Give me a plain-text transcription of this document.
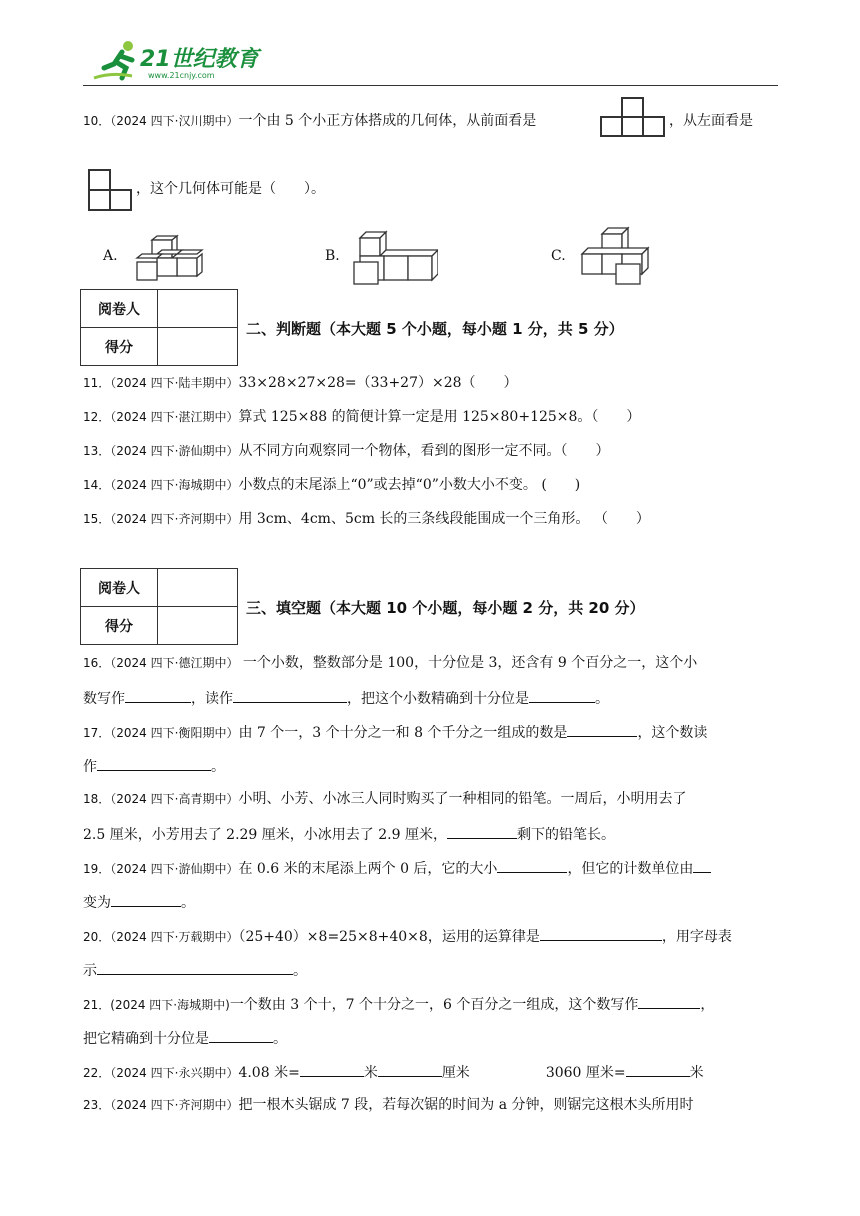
21世纪教育
www.21cnjy.com
10．（2024 四下·汉川期中）一个由 5 个小正方体搭成的几何体，从前面看是	，从左面看是
，这个几何体可能是（　　）。
A.	B.	C.
阅卷人	
得分	
二、判断题（本大题 5 个小题，每小题 1 分，共 5 分）
11．（2024 四下·陆丰期中）33×28×27×28=（33+27）×28（　　）
12．（2024 四下·湛江期中）算式 125×88 的简便计算一定是用 125×80+125×8。（　　）
13．（2024 四下·游仙期中）从不同方向观察同一个物体，看到的图形一定不同。（　　）
14．（2024 四下·海城期中）小数点的末尾添上“0”或去掉“0”小数大小不变。 (　　)
15．（2024 四下·齐河期中）用 3cm、4cm、5cm 长的三条线段能围成一个三角形。 （　　）
阅卷人	
得分	
三、填空题（本大题 10 个小题，每小题 2 分，共 20 分）
16．（2024 四下·德江期中） 一个小数，整数部分是 100，十分位是 3，还含有 9 个百分之一，这个小
数写作	，读作	，把这个小数精确到十分位是	。
17．（2024 四下·衡阳期中）由 7 个一，3 个十分之一和 8 个千分之一组成的数是	，这个数读
作	。
18．（2024 四下·高青期中）小明、小芳、小冰三人同时购买了一种相同的铅笔。一周后，小明用去了
2.5 厘米，小芳用去了 2.29 厘米，小冰用去了 2.9 厘米，	剩下的铅笔长。
19．（2024 四下·游仙期中）在 0.6 米的末尾添上两个 0 后，它的大小	，但它的计数单位由
变为	。
20．（2024 四下·万载期中）（25+40）×8=25×8+40×8，运用的运算律是	，用字母表
示	。
21．(2024 四下·海城期中)一个数由 3 个十，7 个十分之一，6 个百分之一组成，这个数写作	，
把它精确到十分位是	。
22．（2024 四下·永兴期中）4.08 米=	米	厘米	3060 厘米=	米
23．（2024 四下·齐河期中）把一根木头锯成 7 段，若每次锯的时间为 a 分钟，则锯完这根木头所用时
